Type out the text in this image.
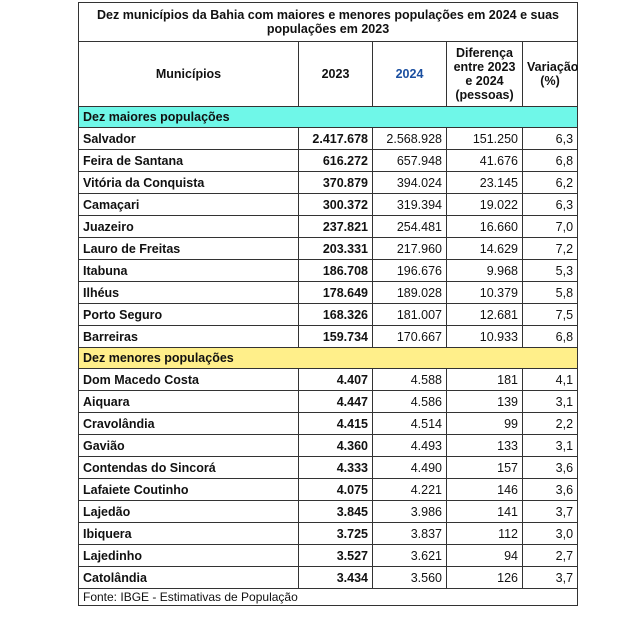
Dez municípios da Bahia com maiores e menores populações em 2024 e suas populações em 2023				
Municípios	2023	2024	Diferença entre 2023 e 2024 (pessoas)	Variação (%)
Dez maiores populações				
Salvador	2.417.678	2.568.928	151.250	6,3
Feira de Santana	616.272	657.948	41.676	6,8
Vitória da Conquista	370.879	394.024	23.145	6,2
Camaçari	300.372	319.394	19.022	6,3
Juazeiro	237.821	254.481	16.660	7,0
Lauro de Freitas	203.331	217.960	14.629	7,2
Itabuna	186.708	196.676	9.968	5,3
Ilhéus	178.649	189.028	10.379	5,8
Porto Seguro	168.326	181.007	12.681	7,5
Barreiras	159.734	170.667	10.933	6,8
Dez menores populações				
Dom Macedo Costa	4.407	4.588	181	4,1
Aiquara	4.447	4.586	139	3,1
Cravolândia	4.415	4.514	99	2,2
Gavião	4.360	4.493	133	3,1
Contendas do Sincorá	4.333	4.490	157	3,6
Lafaiete Coutinho	4.075	4.221	146	3,6
Lajedão	3.845	3.986	141	3,7
Ibiquera	3.725	3.837	112	3,0
Lajedinho	3.527	3.621	94	2,7
Catolândia	3.434	3.560	126	3,7
Fonte: IBGE - Estimativas de População				
